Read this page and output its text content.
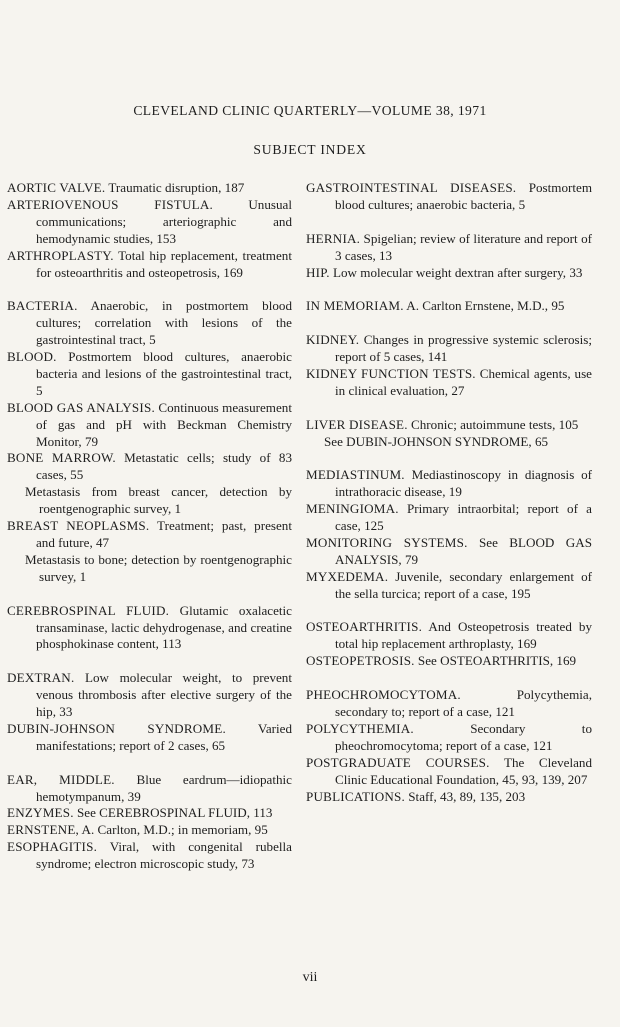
CLEVELAND CLINIC QUARTERLY—VOLUME 38, 1971
SUBJECT INDEX
AORTIC VALVE. Traumatic disruption, 187
ARTERIOVENOUS FISTULA. Unusual communications; arteriographic and hemodynamic studies, 153
ARTHROPLASTY. Total hip replacement, treatment for osteoarthritis and osteopetrosis, 169
BACTERIA. Anaerobic, in postmortem blood cultures; correlation with lesions of the gastrointestinal tract, 5
BLOOD. Postmortem blood cultures, anaerobic bacteria and lesions of the gastrointestinal tract, 5
BLOOD GAS ANALYSIS. Continuous measurement of gas and pH with Beckman Chemistry Monitor, 79
BONE MARROW. Metastatic cells; study of 83 cases, 55
Metastasis from breast cancer, detection by roentgenographic survey, 1
BREAST NEOPLASMS. Treatment; past, present and future, 47
Metastasis to bone; detection by roentgenographic survey, 1
CEREBROSPINAL FLUID. Glutamic oxalacetic transaminase, lactic dehydrogenase, and creatine phosphokinase content, 113
DEXTRAN. Low molecular weight, to prevent venous thrombosis after elective surgery of the hip, 33
DUBIN-JOHNSON SYNDROME. Varied manifestations; report of 2 cases, 65
EAR, MIDDLE. Blue eardrum—idiopathic hemotympanum, 39
ENZYMES. See CEREBROSPINAL FLUID, 113
ERNSTENE, A. Carlton, M.D.; in memoriam, 95
ESOPHAGITIS. Viral, with congenital rubella syndrome; electron microscopic study, 73
GASTROINTESTINAL DISEASES. Postmortem blood cultures; anaerobic bacteria, 5
HERNIA. Spigelian; review of literature and report of 3 cases, 13
HIP. Low molecular weight dextran after surgery, 33
IN MEMORIAM. A. Carlton Ernstene, M.D., 95
KIDNEY. Changes in progressive systemic sclerosis; report of 5 cases, 141
KIDNEY FUNCTION TESTS. Chemical agents, use in clinical evaluation, 27
LIVER DISEASE. Chronic; autoimmune tests, 105
See DUBIN-JOHNSON SYNDROME, 65
MEDIASTINUM. Mediastinoscopy in diagnosis of intrathoracic disease, 19
MENINGIOMA. Primary intraorbital; report of a case, 125
MONITORING SYSTEMS. See BLOOD GAS ANALYSIS, 79
MYXEDEMA. Juvenile, secondary enlargement of the sella turcica; report of a case, 195
OSTEOARTHRITIS. And Osteopetrosis treated by total hip replacement arthroplasty, 169
OSTEOPETROSIS. See OSTEOARTHRITIS, 169
PHEOCHROMOCYTOMA. Polycythemia, secondary to; report of a case, 121
POLYCYTHEMIA. Secondary to pheochromocytoma; report of a case, 121
POSTGRADUATE COURSES. The Cleveland Clinic Educational Foundation, 45, 93, 139, 207
PUBLICATIONS. Staff, 43, 89, 135, 203
vii
